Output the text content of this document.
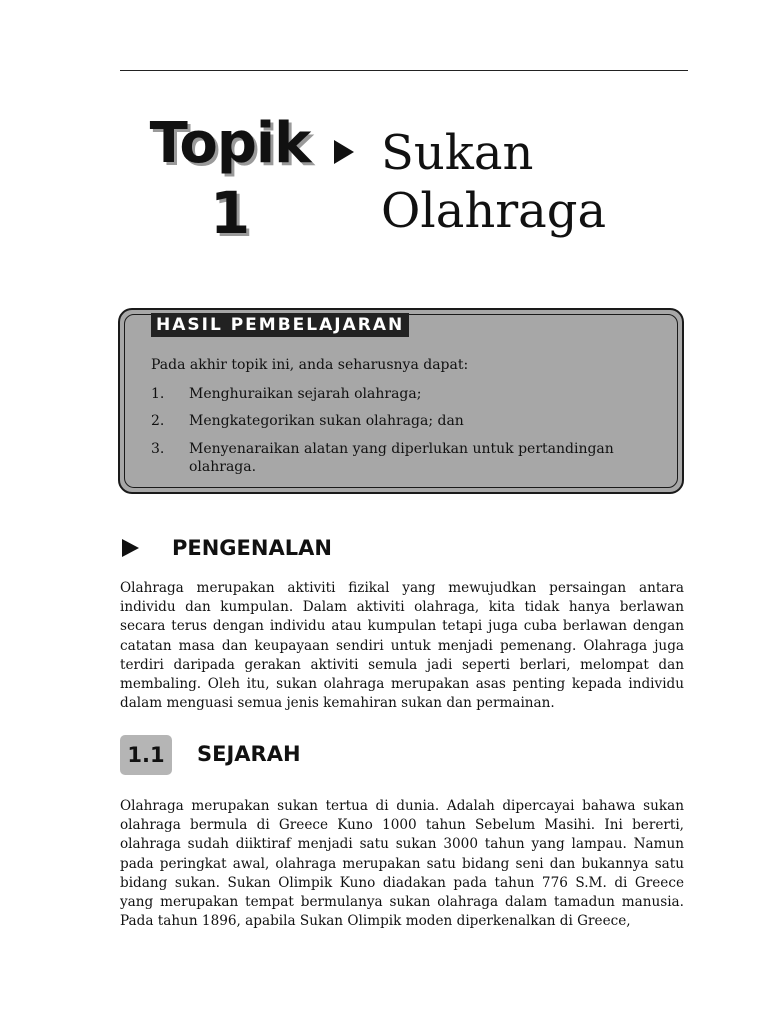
Topik
1
Sukan
Olahraga
HASIL PEMBELAJARAN
Pada akhir topik ini, anda seharusnya dapat:
1.	Menghuraikan sejarah olahraga;
2.	Mengkategorikan sukan olahraga; dan
3.	Menyenaraikan alatan yang diperlukan untuk pertandingan olahraga.
PENGENALAN
Olahraga merupakan aktiviti fizikal yang mewujudkan persaingan antara individu dan kumpulan. Dalam aktiviti olahraga, kita tidak hanya berlawan secara terus dengan individu atau kumpulan tetapi juga cuba berlawan dengan catatan masa dan keupayaan sendiri untuk menjadi pemenang. Olahraga juga terdiri daripada gerakan aktiviti semula jadi seperti berlari, melompat dan membaling. Oleh itu, sukan olahraga merupakan asas penting kepada individu dalam menguasi semua jenis kemahiran sukan dan permainan.
1.1	SEJARAH
Olahraga merupakan sukan tertua di dunia. Adalah dipercayai bahawa sukan olahraga bermula di Greece Kuno 1000 tahun Sebelum Masihi. Ini bererti, olahraga sudah diiktiraf menjadi satu sukan 3000 tahun yang lampau. Namun pada peringkat awal, olahraga merupakan satu bidang seni dan bukannya satu bidang sukan. Sukan Olimpik Kuno diadakan pada tahun 776 S.M. di Greece yang merupakan tempat bermulanya sukan olahraga dalam tamadun manusia. Pada tahun 1896, apabila Sukan Olimpik moden diperkenalkan di Greece,
